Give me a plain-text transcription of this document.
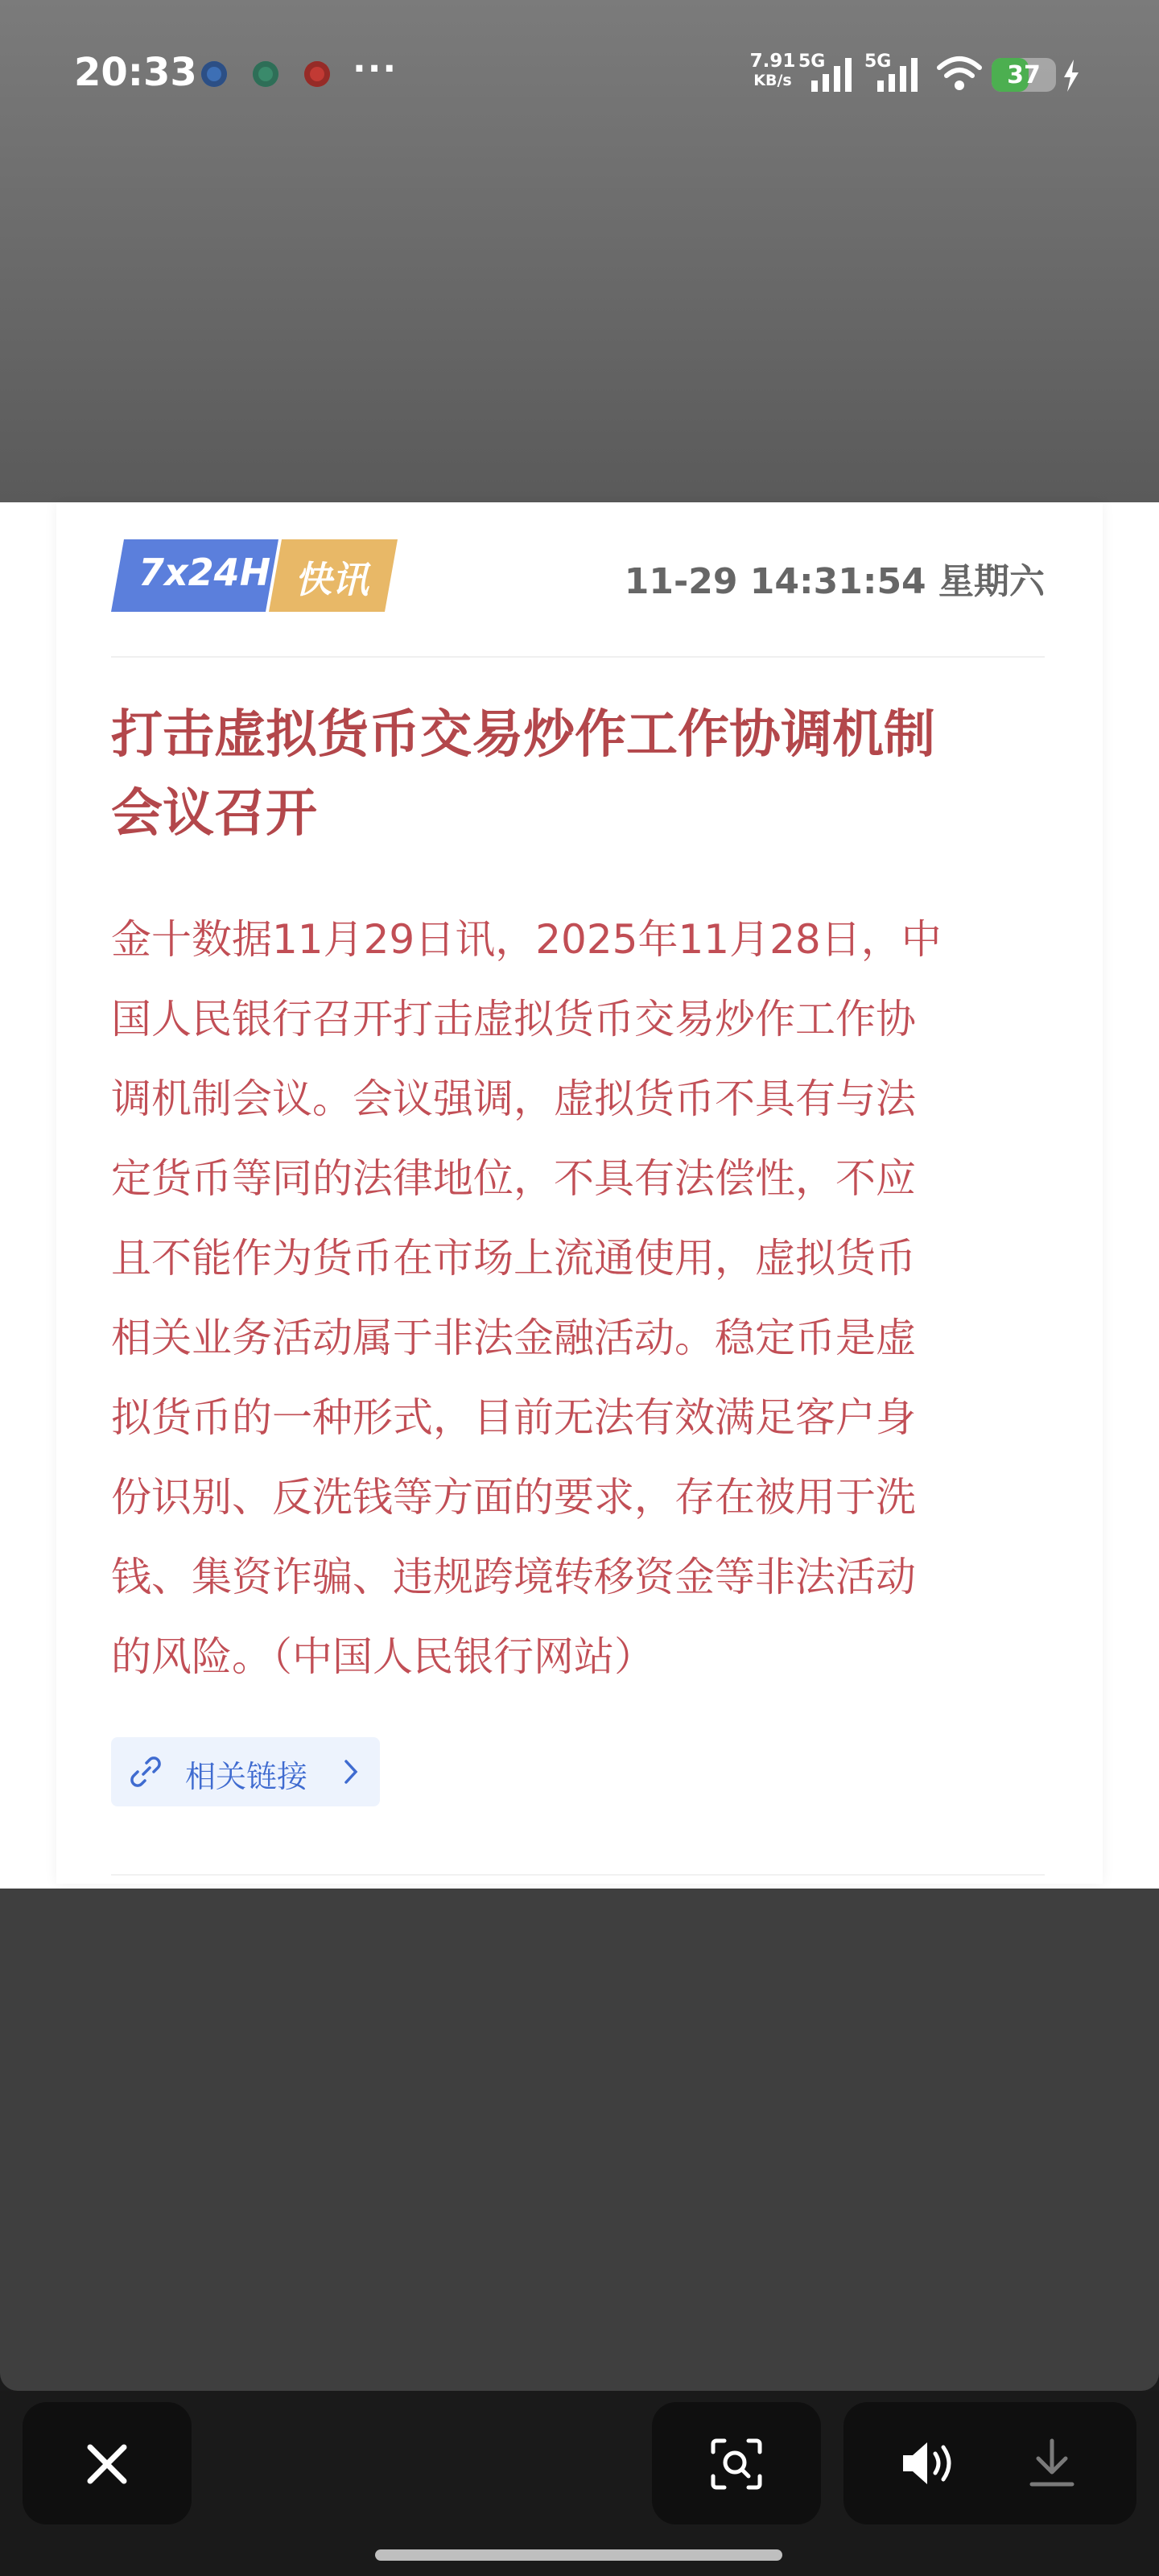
20:33	···	7.91
KB/s
5G 5G	37
7x24H 快讯	11-29 14:31:54 星期六
打击虚拟货币交易炒作工作协调机制
会议召开
金十数据11月29日讯，2025年11月28日，中
国人民银行召开打击虚拟货币交易炒作工作协
调机制会议。会议强调，虚拟货币不具有与法
定货币等同的法律地位，不具有法偿性，不应
且不能作为货币在市场上流通使用，虚拟货币
相关业务活动属于非法金融活动。稳定币是虚
拟货币的一种形式，目前无法有效满足客户身
份识别、反洗钱等方面的要求，存在被用于洗
钱、集资诈骗、违规跨境转移资金等非法活动
的风险。（中国人民银行网站）
相关链接
